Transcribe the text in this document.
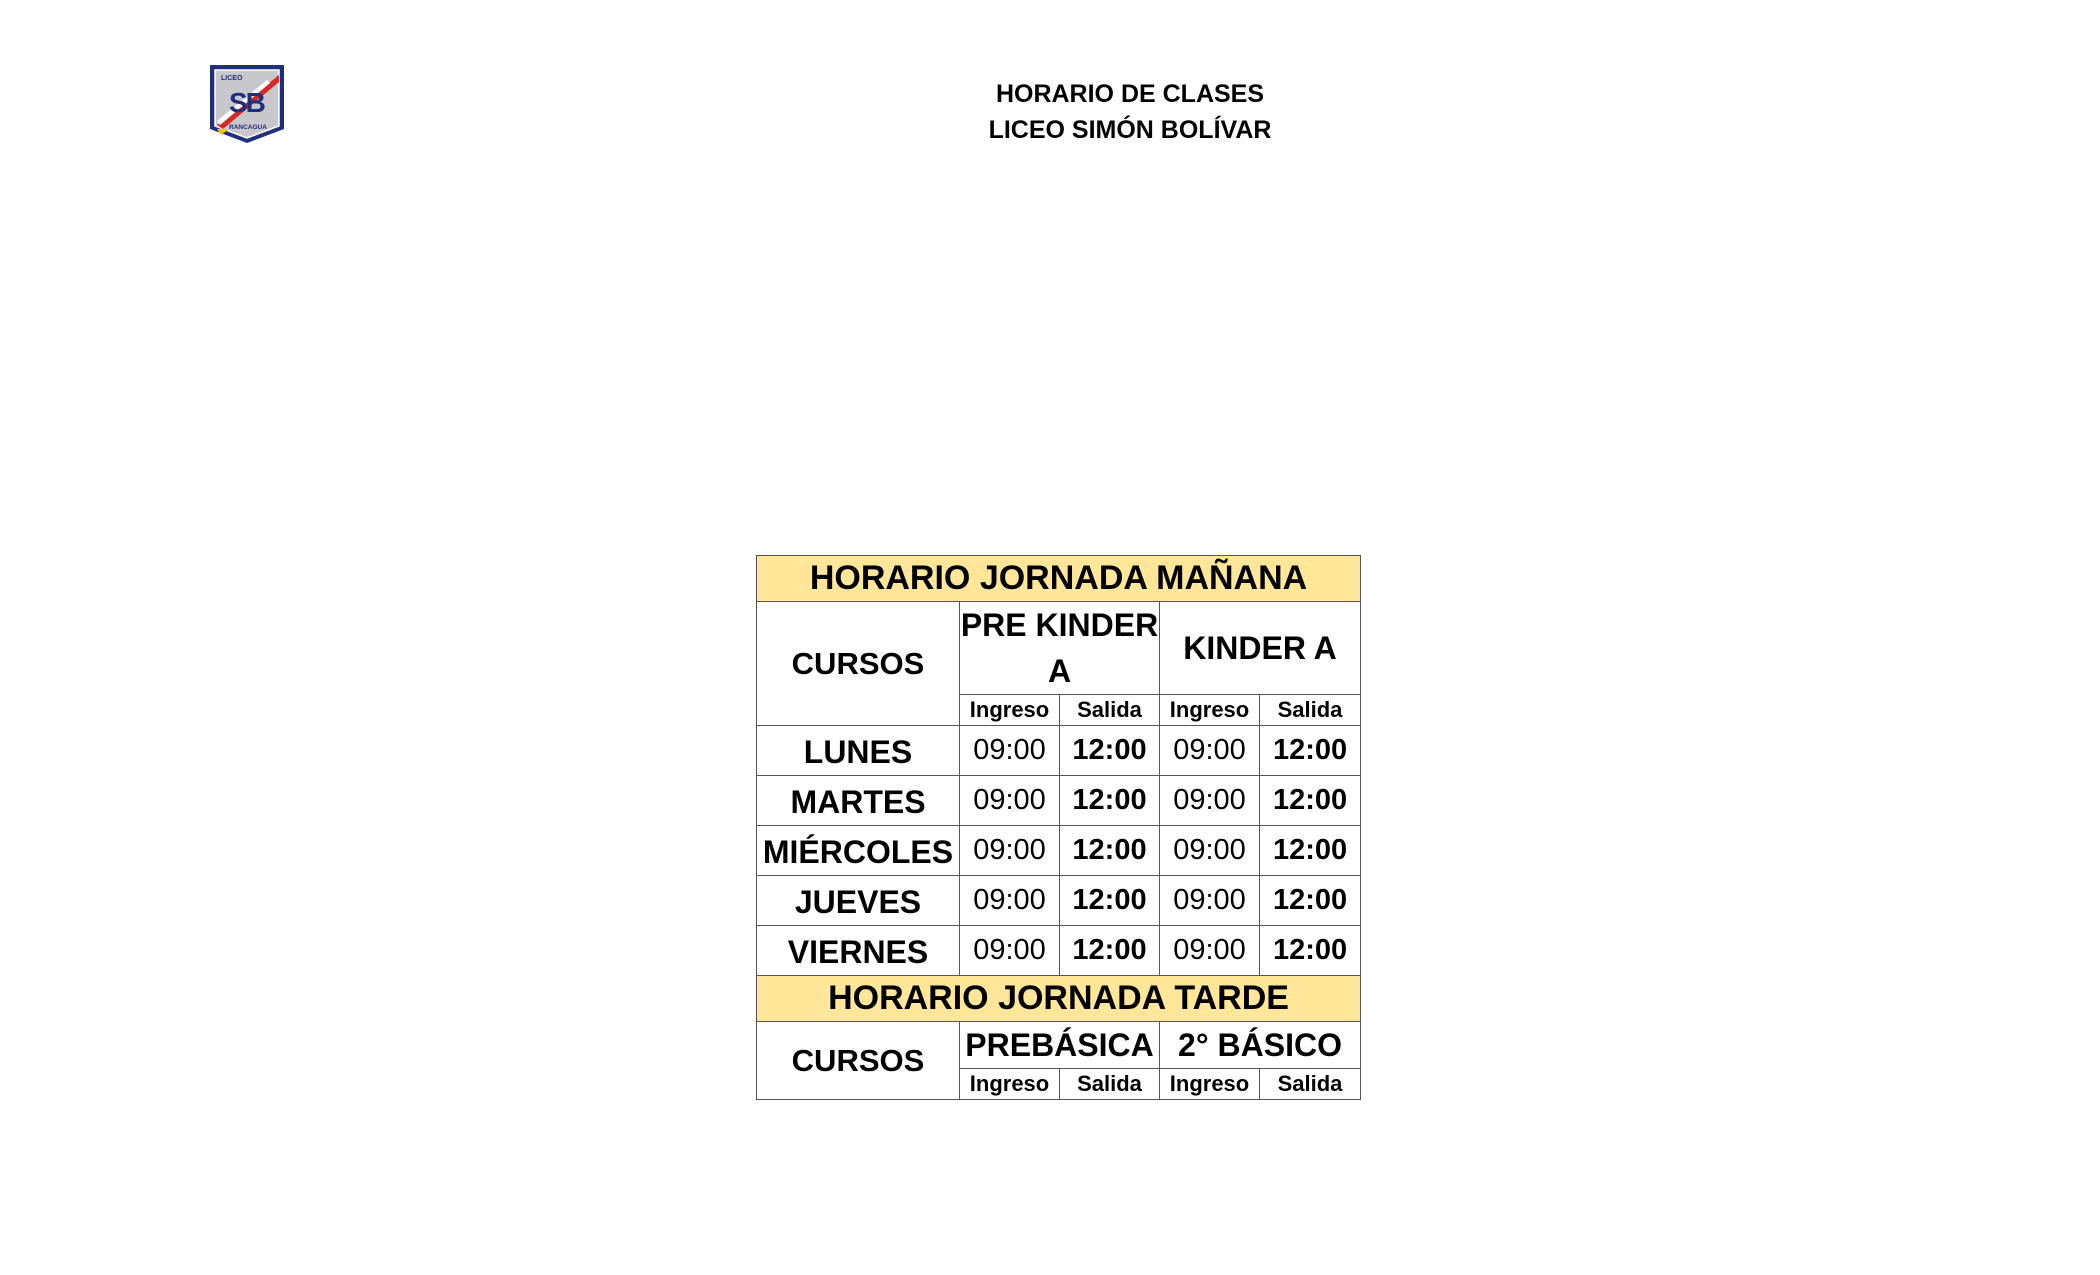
LICEO
SB
RANCAGUA
HORARIO DE CLASES
LICEO SIMÓN BOLÍVAR
HORARIO JORNADA MAÑANA				
CURSOS	PRE KINDER A		KINDER A	
	Ingreso	Salida	Ingreso	Salida
LUNES	09:00	12:00	09:00	12:00
MARTES	09:00	12:00	09:00	12:00
MIÉRCOLES	09:00	12:00	09:00	12:00
JUEVES	09:00	12:00	09:00	12:00
VIERNES	09:00	12:00	09:00	12:00
HORARIO JORNADA TARDE				
CURSOS	PREBÁSICA		2° BÁSICO	
	Ingreso	Salida	Ingreso	Salida
